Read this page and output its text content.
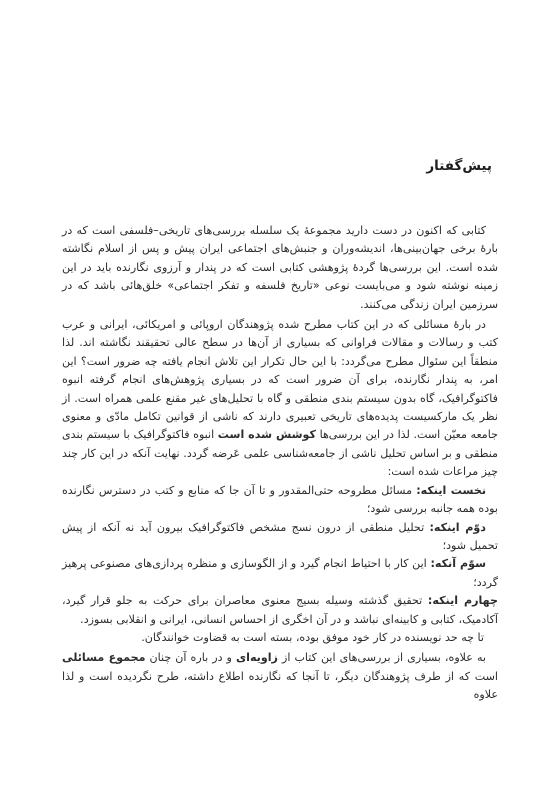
پیش‌گفتار

کتابی که اکنون در دست دارید مجموعهٔ یک سلسله بررسی‌های تاریخی–فلسفی است که در بارهٔ برخی جهان‌بینی‌ها، اندیشه‌وران و جنبش‌های اجتماعی ایران پیش و پس از اسلام نگاشته شده است. این بررسی‌ها گردهٔ پژوهشی کتابی است که در پندار و آرزوی نگارنده باید در این زمینه نوشته شود و می‌بایست نوعی «تاریخ فلسفه و تفکر اجتماعی» خلق‌هائی باشد که در سرزمین ایران زندگی می‌کنند.

در بارهٔ مسائلی که در این کتاب مطرح شده پژوهندگان اروپائی و امریکائی، ایرانی و عرب کتب و رسالات و مقالات فراوانی که بسیاری از آن‌ها در سطح عالی تحقیقند نگاشته اند. لذا منطقاً این سئوال مطرح می‌گردد: با این حال تکرار این تلاش انجام یافته چه ضرور است؟ این امر، به پندار نگارنده، برای آن ضرور است که در بسیاری پژوهش‌های انجام گرفته انبوه فاکتوگرافیک، گاه بدون سیستم بندی منطقی و گاه با تحلیل‌های غیر مقنع علمی همراه است. از نظر یک مارکسیست پدیده‌های تاریخی تعبیری دارند که ناشی از قوانین تکامل مادّی و معنوی جامعه معیّن است. لذا در این بررسی‌ها کوشش شده است انبوه فاکتوگرافیک با سیستم بندی منطقی و بر اساس تحلیل ناشی از جامعه‌شناسی علمی عَرضه گردد. نهایت آنکه در این کار چند چیز مراعات شده است:

نخست اینکه: مسائل مطروحه حتی‌المقدور و تا آن جا که منابع و کتب در دسترس نگارنده بوده همه جانبه بررسی شود؛

دوّم اینکه: تحلیل منطقی از درون نسج مشخص فاکتوگرافیک بیرون آید نه آنکه از پیش تحمیل شود؛

سوّم آنکه: این کار با احتیاط انجام گیرد و از الگوسازی و منظره پردازی‌های مصنوعی پرهیز گردد؛

چهارم اینکه: تحقیق گذشته وسیله بسیج معنوی معاصران برای حرکت به جلو قرار گیرد، آکادمیک، کتابی و کابینه‌ای نباشد و در آن اخگری از احساس انسانی، ایرانی و انقلابی بسوزد.

تا چه حد نویسنده در کار خود موفق بوده، بسته است به قضاوت خوانندگان.

به علاوه، بسیاری از بررسی‌های این کتاب از زاویه‌ای و در باره آن چنان مجموع مسائلی است که از طرف پژوهندگان دیگر، تا آنجا که نگارنده اطلاع داشته، طرح نگردیده است و لذا علاوه
